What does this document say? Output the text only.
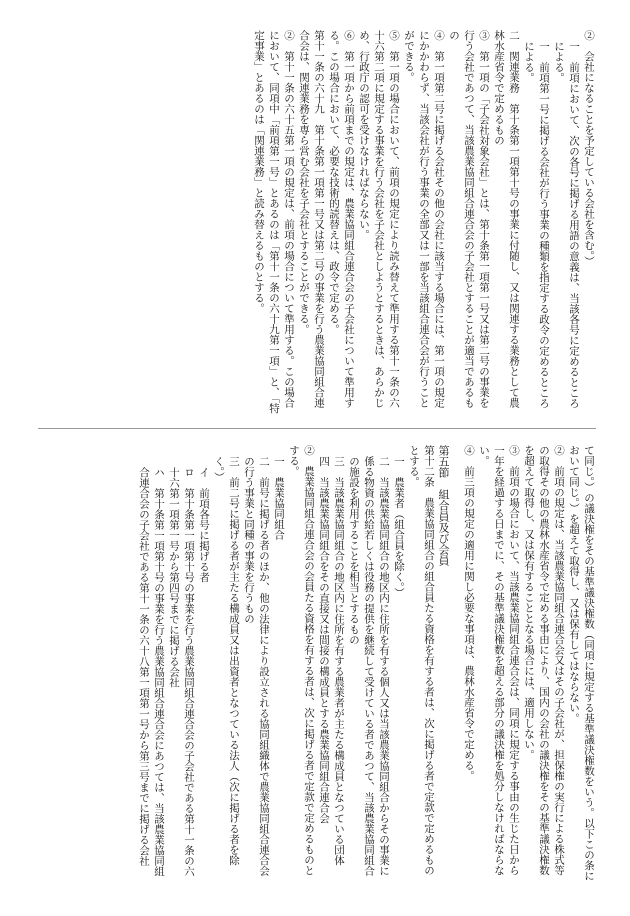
②　会社になることを予定している会社を含む。）
一　前項において、次の各号に掲げる用語の意義は、当該各号に定めるところによる。
一　前項第一号に掲げる会社が行う事業の種類を指定する政令の定めるところによる。
二　関連業務　第十条第一項第十号の事業に付随し、又は関連する業務として農林水産省令で定めるもの
③　第一項の「子会社対象会社」とは、第十条第一項第一号又は第二号の事業を行う会社であつて、当該農業協同組合連合会の子会社とすることが適当であるもの
④　第一項第二号に掲げる会社その他の会社に該当する場合には、第一項の規定にかかわらず、当該会社が行う事業の全部又は一部を当該組合連合会が行うことができる。
⑤　第一項の場合において、前項の規定により読み替えて準用する第十一条の六十六第二項に規定する事業を行う会社を子会社としようとするときは、あらかじめ、行政庁の認可を受けなければならない。
⑥　第一項から前項までの規定は、農業協同組合連合会の子会社について準用する。この場合において、必要な技術的読替えは、政令で定める。
第十一条の六十九　第十条第一項第一号又は第二号の事業を行う農業協同組合連合会は、関連業務を専ら営む会社を子会社とすることができる。
②　第十一条の六十五第一項の規定は、前項の場合について準用する。この場合において、同項中「前項第一号」とあるのは「第十一条の六十九第一項」と、「特定事業」とあるのは「関連業務」と読み替えるものとする。
て同じ。）の議決権をその基準議決権数（同項に規定する基準議決権数をいう。以下この条において同じ。）を超えて取得し、又は保有してはならない。
②　前項の規定は、当該農業協同組合連合会又はその子会社が、担保権の実行による株式等の取得その他の農林水産省令で定める事由により、国内の会社の議決権をその基準議決権数を超えて取得し、又は保有することとなる場合には、適用しない。
③　前項の場合において、当該農業協同組合連合会は、同項に規定する事由の生じた日から一年を経過する日までに、その基準議決権数を超える部分の議決権を処分しなければならない。
④　前三項の規定の適用に関し必要な事項は、農林水産省令で定める。
第五節　組合員及び会員
第十二条　農業協同組合の組合員たる資格を有する者は、次に掲げる者で定款で定めるものとする。
一　農業者（組合員を除く。）
二　当該農業協同組合の地区内に住所を有する個人又は当該農業協同組合からその事業に係る物資の供給若しくは役務の提供を継続して受けている者であつて、当該農業協同組合の施設を利用することを相当とするもの
三　当該農業協同組合の地区内に住所を有する農業者が主たる構成員となつている団体
四　当該農業協同組合をその直接又は間接の構成員とする農業協同組合連合会
②　農業協同組合連合会の会員たる資格を有する者は、次に掲げる者で定款で定めるものとする。
一　農業協同組合
二　前号に掲げる者のほか、他の法律により設立される協同組織体で農業協同組合連合会の行う事業と同種の事業を行うもの
三　前二号に掲げる者が主たる構成員又は出資者となつている法人（次に掲げる者を除く。）
イ　前項各号に掲げる者
ロ　第十条第一項第十号の事業を行う農業協同組合連合会の子会社である第十一条の六十六第一項第一号から第四号までに掲げる会社
ハ　第十条第一項第十号の事業を行う農業協同組合連合会にあつては、当該農業協同組合連合会の子会社である第十一条の六十八第一項第一号から第三号までに掲げる会社
